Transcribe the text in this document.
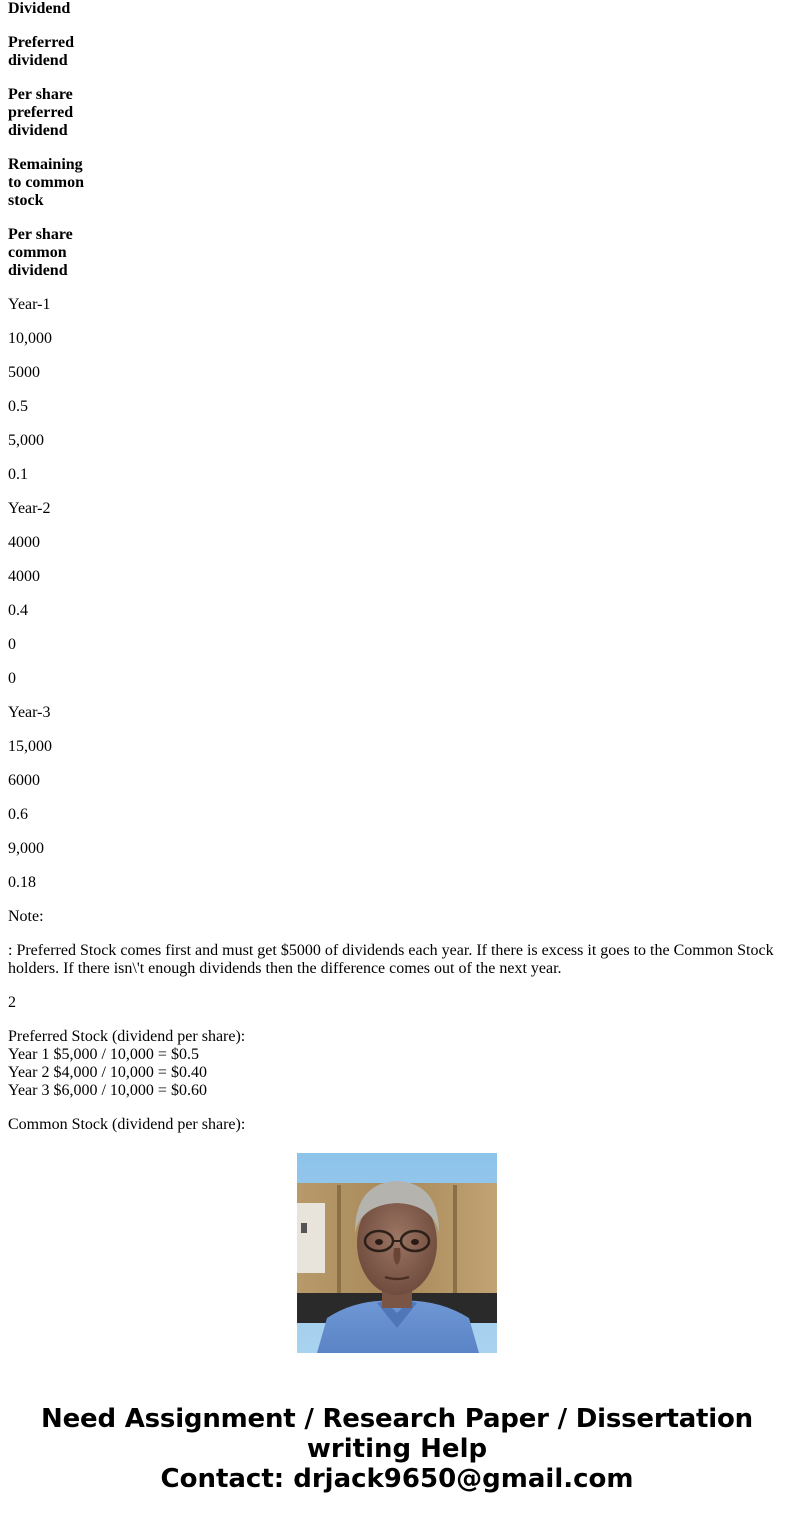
Dividend

Preferred dividend

Per share preferred dividend

Remaining to common stock

Per share common dividend

Year-1

10,000

5000

0.5

5,000

0.1

Year-2

4000

4000

0.4

0

0

Year-3

15,000

6000

0.6

9,000

0.18

Note:

: Preferred Stock comes first and must get $5000 of dividends each year. If there is excess it goes to the Common Stock holders. If there isn\'t enough dividends then the difference comes out of the next year.

2

Preferred Stock (dividend per share):
Year 1 $5,000 / 10,000 = $0.5
Year 2 $4,000 / 10,000 = $0.40
Year 3 $6,000 / 10,000 = $0.60
Common Stock (dividend per share):
Need Assignment / Research Paper / Dissertation
writing Help
Contact: drjack9650@gmail.com
